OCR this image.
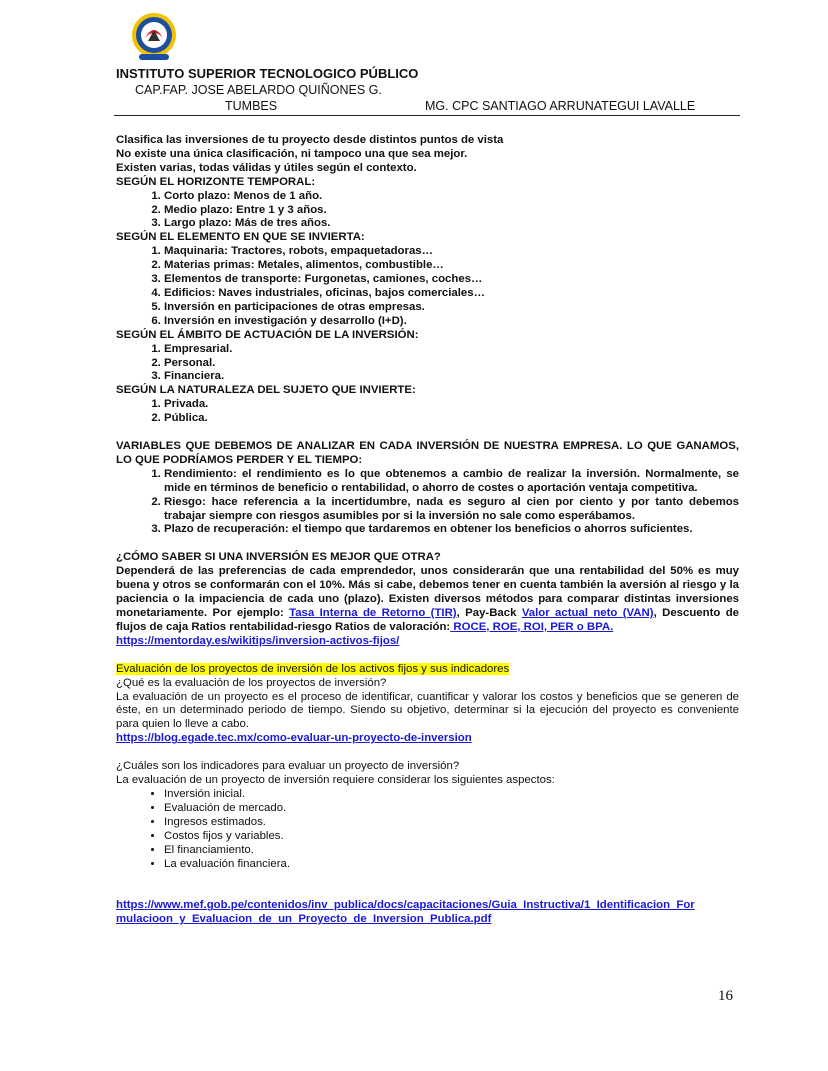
INSTITUTO SUPERIOR TECNOLOGICO PÚBLICO
CAP.FAP. JOSE ABELARDO QUIÑONES G.
TUMBES	MG. CPC SANTIAGO ARRUNATEGUI LAVALLE

Clasifica las inversiones de tu proyecto desde distintos puntos de vista

No existe una única clasificación, ni tampoco una que sea mejor.

Existen varias, todas válidas y útiles según el contexto.

SEGÚN EL HORIZONTE TEMPORAL:

1. Corto plazo: Menos de 1 año.
2. Medio plazo: Entre 1 y 3 años.
3. Largo plazo: Más de tres años.

SEGÚN EL ELEMENTO EN QUE SE INVIERTA:

1. Maquinaria: Tractores, robots, empaquetadoras…
2. Materias primas: Metales, alimentos, combustible…
3. Elementos de transporte: Furgonetas, camiones, coches…
4. Edificios: Naves industriales, oficinas, bajos comerciales…
5. Inversión en participaciones de otras empresas.
6. Inversión en investigación y desarrollo (I+D).

SEGÚN EL ÁMBITO DE ACTUACIÓN DE LA INVERSIÓN:

1. Empresarial.
2. Personal.
3. Financiera.

SEGÚN LA NATURALEZA DEL SUJETO QUE INVIERTE:

1. Privada.
2. Pública.

VARIABLES QUE DEBEMOS DE ANALIZAR EN CADA INVERSIÓN DE NUESTRA EMPRESA. LO QUE GANAMOS, LO QUE PODRÍAMOS PERDER Y EL TIEMPO:

1. Rendimiento: el rendimiento es lo que obtenemos a cambio de realizar la inversión. Normalmente, se mide en términos de beneficio o rentabilidad, o ahorro de costes o aportación ventaja competitiva.
2. Riesgo: hace referencia a la incertidumbre, nada es seguro al cien por ciento y por tanto debemos trabajar siempre con riesgos asumibles por si la inversión no sale como esperábamos.
3. Plazo de recuperación: el tiempo que tardaremos en obtener los beneficios o ahorros suficientes.

¿CÓMO SABER SI UNA INVERSIÓN ES MEJOR QUE OTRA?

Dependerá de las preferencias de cada emprendedor, unos considerarán que una rentabilidad del 50% es muy buena y otros se conformarán con el 10%. Más si cabe, debemos tener en cuenta también la aversión al riesgo y la paciencia o la impaciencia de cada uno (plazo). Existen diversos métodos para comparar distintas inversiones monetariamente. Por ejemplo: Tasa Interna de Retorno (TIR), Pay-Back Valor actual neto (VAN), Descuento de flujos de caja Ratios rentabilidad-riesgo Ratios de valoración: ROCE, ROE, ROI, PER o BPA.

https://mentorday.es/wikitips/inversion-activos-fijos/

Evaluación de los proyectos de inversión de los activos fijos y sus indicadores

¿Qué es la evaluación de los proyectos de inversión?

La evaluación de un proyecto es el proceso de identificar, cuantificar y valorar los costos y beneficios que se generen de éste, en un determinado periodo de tiempo. Siendo su objetivo, determinar si la ejecución del proyecto es conveniente para quien lo lleve a cabo.

https://blog.egade.tec.mx/como-evaluar-un-proyecto-de-inversion

¿Cuáles son los indicadores para evaluar un proyecto de inversión?

La evaluación de un proyecto de inversión requiere considerar los siguientes aspectos:

• Inversión inicial.
• Evaluación de mercado.
• Ingresos estimados.
• Costos fijos y variables.
• El financiamiento.
• La evaluación financiera.

https://www.mef.gob.pe/contenidos/inv_publica/docs/capacitaciones/Guia_Instructiva/1_Identificacion_For mulacioon_y_Evaluacion_de_un_Proyecto_de_Inversion_Publica.pdf

16
